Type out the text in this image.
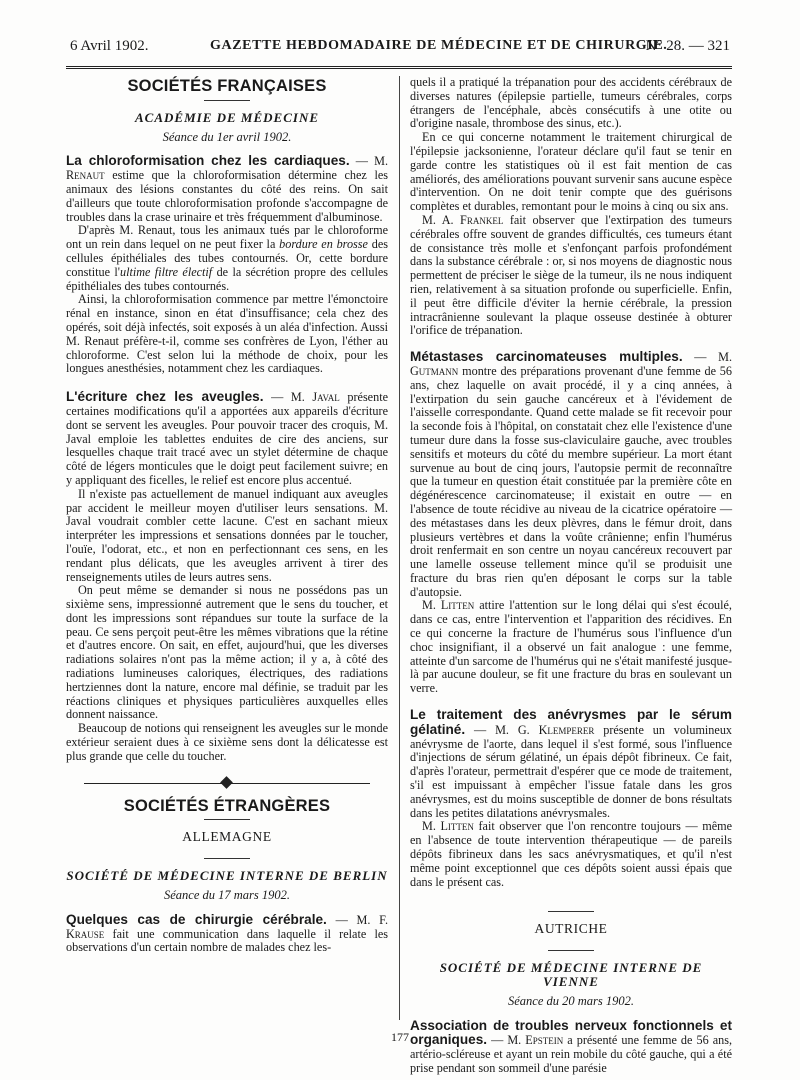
6 Avril 1902.	GAZETTE HEBDOMADAIRE DE MÉDECINE ET DE CHIRURGIE.
N° 28. — 321
SOCIÉTÉS FRANÇAISES
ACADÉMIE DE MÉDECINE
Séance du 1er avril 1902.

La chloroformisation chez les cardiaques. — M. Renaut estime que la chloroformisation détermine chez les animaux des lésions constantes du côté des reins. On sait d'ailleurs que toute chloroformisation profonde s'accompagne de troubles dans la crase urinaire et très fréquemment d'albuminose.

D'après M. Renaut, tous les animaux tués par le chloroforme ont un rein dans lequel on ne peut fixer la bordure en brosse des cellules épithéliales des tubes contournés. Or, cette bordure constitue l'ultime filtre électif de la sécrétion propre des cellules épithéliales des tubes contournés.

Ainsi, la chloroformisation commence par mettre l'émonctoire rénal en instance, sinon en état d'insuffisance; cela chez des opérés, soit déjà infectés, soit exposés à un aléa d'infection. Aussi M. Renaut préfère-t-il, comme ses confrères de Lyon, l'éther au chloroforme. C'est selon lui la méthode de choix, pour les longues anesthésies, notamment chez les cardiaques.

L'écriture chez les aveugles. — M. Javal présente certaines modifications qu'il a apportées aux appareils d'écriture dont se servent les aveugles. Pour pouvoir tracer des croquis, M. Javal emploie les tablettes enduites de cire des anciens, sur lesquelles chaque trait tracé avec un stylet détermine de chaque côté de légers monticules que le doigt peut facilement suivre; en y appliquant des ficelles, le relief est encore plus accentué.

Il n'existe pas actuellement de manuel indiquant aux aveugles par accident le meilleur moyen d'utiliser leurs sensations. M. Javal voudrait combler cette lacune. C'est en sachant mieux interpréter les impressions et sensations données par le toucher, l'ouïe, l'odorat, etc., et non en perfectionnant ces sens, en les rendant plus délicats, que les aveugles arrivent à tirer des renseignements utiles de leurs autres sens.

On peut même se demander si nous ne possédons pas un sixième sens, impressionné autrement que le sens du toucher, et dont les impressions sont répandues sur toute la surface de la peau. Ce sens perçoit peut-être les mêmes vibrations que la rétine et d'autres encore. On sait, en effet, aujourd'hui, que les diverses radiations solaires n'ont pas la même action; il y a, à côté des radiations lumineuses caloriques, électriques, des radiations hertziennes dont la nature, encore mal définie, se traduit par les réactions cliniques et physiques particulières auxquelles elles donnent naissance.

Beaucoup de notions qui renseignent les aveugles sur le monde extérieur seraient dues à ce sixième sens dont la délicatesse est plus grande que celle du toucher.

SOCIÉTÉS ÉTRANGÈRES
ALLEMAGNE
SOCIÉTÉ DE MÉDECINE INTERNE DE BERLIN
Séance du 17 mars 1902.

Quelques cas de chirurgie cérébrale. — M. F. Krause fait une communication dans laquelle il relate les observations d'un certain nombre de malades chez les-

quels il a pratiqué la trépanation pour des accidents cérébraux de diverses natures (épilepsie partielle, tumeurs cérébrales, corps étrangers de l'encéphale, abcès consécutifs à une otite ou d'origine nasale, thrombose des sinus, etc.).

En ce qui concerne notamment le traitement chirurgical de l'épilepsie jacksonienne, l'orateur déclare qu'il faut se tenir en garde contre les statistiques où il est fait mention de cas améliorés, des améliorations pouvant survenir sans aucune espèce d'intervention. On ne doit tenir compte que des guérisons complètes et durables, remontant pour le moins à cinq ou six ans.

M. A. Frankel fait observer que l'extirpation des tumeurs cérébrales offre souvent de grandes difficultés, ces tumeurs étant de consistance très molle et s'enfonçant parfois profondément dans la substance cérébrale : or, si nos moyens de diagnostic nous permettent de préciser le siège de la tumeur, ils ne nous indiquent rien, relativement à sa situation profonde ou superficielle. Enfin, il peut être difficile d'éviter la hernie cérébrale, la pression intracrânienne soulevant la plaque osseuse destinée à obturer l'orifice de trépanation.

Métastases carcinomateuses multiples. — M. Gutmann montre des préparations provenant d'une femme de 56 ans, chez laquelle on avait procédé, il y a cinq années, à l'extirpation du sein gauche cancéreux et à l'évidement de l'aisselle correspondante. Quand cette malade se fit recevoir pour la seconde fois à l'hôpital, on constatait chez elle l'existence d'une tumeur dure dans la fosse sus-claviculaire gauche, avec troubles sensitifs et moteurs du côté du membre supérieur. La mort étant survenue au bout de cinq jours, l'autopsie permit de reconnaître que la tumeur en question était constituée par la première côte en dégénérescence carcinomateuse; il existait en outre — en l'absence de toute récidive au niveau de la cicatrice opératoire — des métastases dans les deux plèvres, dans le fémur droit, dans plusieurs vertèbres et dans la voûte crânienne; enfin l'humérus droit renfermait en son centre un noyau cancéreux recouvert par une lamelle osseuse tellement mince qu'il se produisit une fracture du bras rien qu'en déposant le corps sur la table d'autopsie.

M. Litten attire l'attention sur le long délai qui s'est écoulé, dans ce cas, entre l'intervention et l'apparition des récidives. En ce qui concerne la fracture de l'humérus sous l'influence d'un choc insignifiant, il a observé un fait analogue : une femme, atteinte d'un sarcome de l'humérus qui ne s'était manifesté jusque-là par aucune douleur, se fit une fracture du bras en soulevant un verre.

Le traitement des anévrysmes par le sérum gélatiné. — M. G. Klemperer présente un volumineux anévrysme de l'aorte, dans lequel il s'est formé, sous l'influence d'injections de sérum gélatiné, un épais dépôt fibrineux. Ce fait, d'après l'orateur, permettrait d'espérer que ce mode de traitement, s'il est impuissant à empêcher l'issue fatale dans les gros anévrysmes, est du moins susceptible de donner de bons résultats dans les petites dilatations anévrysmales.

M. Litten fait observer que l'on rencontre toujours — même en l'absence de toute intervention thérapeutique — de pareils dépôts fibrineux dans les sacs anévrysmatiques, et qu'il n'est même point exceptionnel que ces dépôts soient aussi épais que dans le présent cas.

AUTRICHE
SOCIÉTÉ DE MÉDECINE INTERNE DE VIENNE
Séance du 20 mars 1902.

Association de troubles nerveux fonctionnels et organiques. — M. Epstein a présenté une femme de 56 ans, artério-scléreuse et ayant un rein mobile du côté gauche, qui a été prise pendant son sommeil d'une parésie

177
